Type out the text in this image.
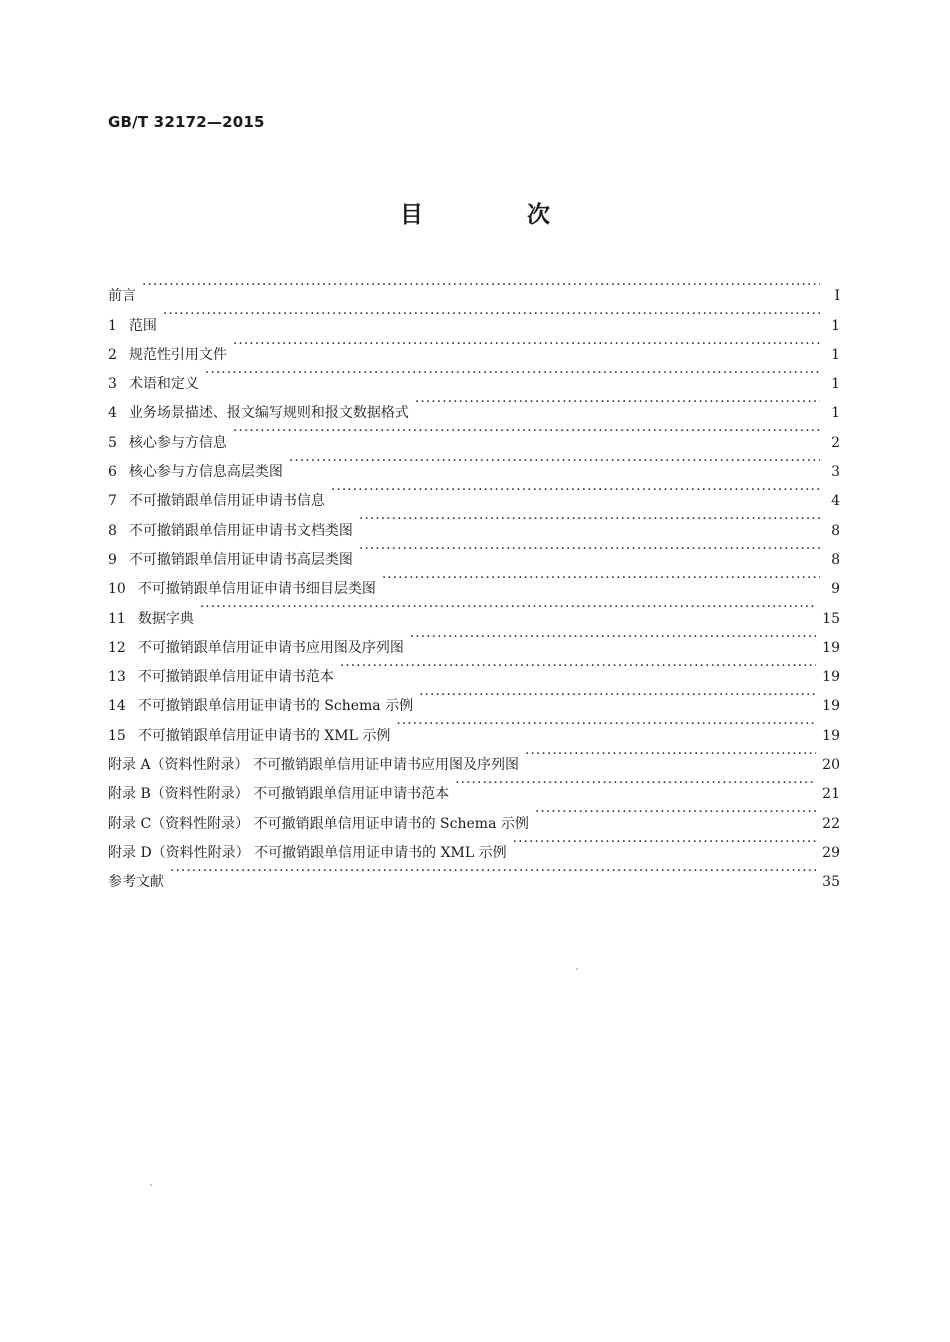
GB/T 32172—2015
目 次
前言 ·····	Ⅰ
1 范围 ·····	1
2 规范性引用文件 ·····	1
3 术语和定义 ·····	1
4 业务场景描述、报文编写规则和报文数据格式 ·····	1
5 核心参与方信息 ·····	2
6 核心参与方信息高层类图 ·····	3
7 不可撤销跟单信用证申请书信息 ·····	4
8 不可撤销跟单信用证申请书文档类图 ·····	8
9 不可撤销跟单信用证申请书高层类图 ·····	8
10 不可撤销跟单信用证申请书细目层类图 ·····	9
11 数据字典 ·····	15
12 不可撤销跟单信用证申请书应用图及序列图 ·····	19
13 不可撤销跟单信用证申请书范本 ·····	19
14 不可撤销跟单信用证申请书的 Schema 示例 ·····	19
15 不可撤销跟单信用证申请书的 XML 示例 ·····	19
附录 A（资料性附录） 不可撤销跟单信用证申请书应用图及序列图 ·····	20
附录 B（资料性附录） 不可撤销跟单信用证申请书范本 ·····	21
附录 C（资料性附录） 不可撤销跟单信用证申请书的 Schema 示例 ·····	22
附录 D（资料性附录） 不可撤销跟单信用证申请书的 XML 示例 ·····	29
参考文献 ·····	35
